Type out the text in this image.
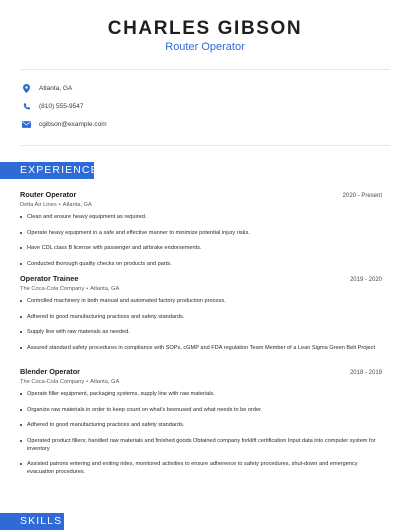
CHARLES GIBSON
Router Operator
Atlanta, GA
(810) 555-9547
cgibson@example.com
EXPERIENCE
Router Operator	2020 - Present
Delta Air Lines • Atlanta, GA
Clean and ensure heavy equipment as required.
Operate heavy equipment in a safe and effective manner to minimize potential injury risks.
Have CDL class B license with passenger and airbrake endorsements.
Conducted thorough quality checks on products and parts.
Operator Trainee	2019 - 2020
The Coca-Cola Company • Atlanta, GA
Controlled machinery in both manual and automated factory production process.
Adhered to good manufacturing practices and safety standards.
Supply line with raw materials as needed.
Assured standard safety procedures in compliance with SOPs, cGMP and FDA regulation Team Member of a Lean Sigma Green Belt Project
Blender Operator	2018 - 2019
The Coca-Cola Company • Atlanta, GA
Operate filler equipment, packaging systems, supply line with raw materials.
Organize raw materials in order to keep count on what's beenused and what needs to be order.
Adhered to good manufacturing practices and safety standards.
Operated product fillers; handled raw materials and finished goods Obtained company forklift certification Input data into computer system for inventory
Assisted patrons entering and exiting rides, monitored activities to ensure adherence to safety procedures, shut-down and emergency evacuation procedures.
SKILLS
